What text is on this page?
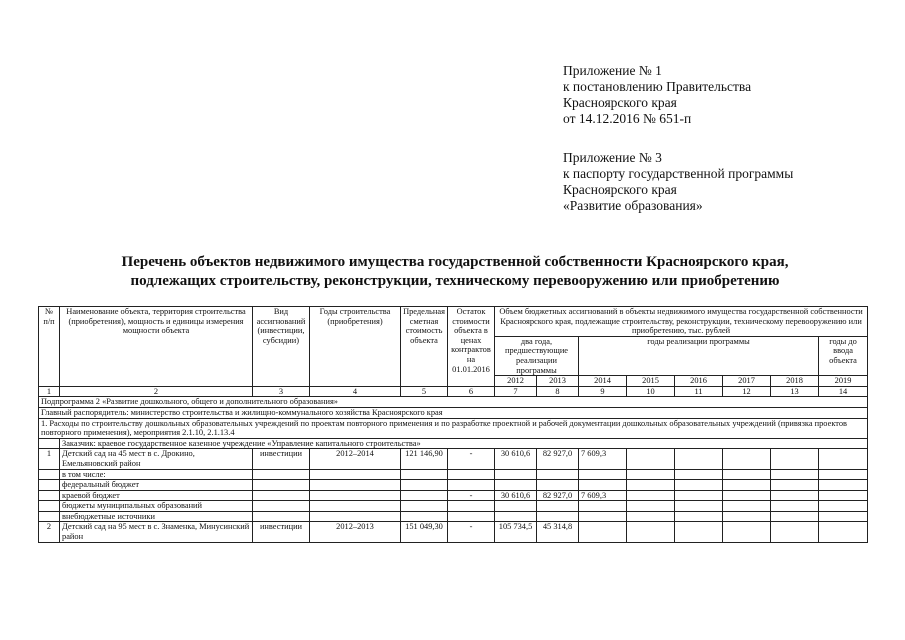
Приложение № 1
к постановлению Правительства
Красноярского края
от 14.12.2016 № 651-п
Приложение № 3
к паспорту государственной программы
Красноярского края
«Развитие образования»
Перечень объектов недвижимого имущества государственной собственности Красноярского края,
подлежащих строительству, реконструкции, техническому перевооружению или приобретению
№ п/п	Наименование объекта, территория строительства (приобретения), мощность и единицы измерения мощности объекта	Вид ассигнований (инвестиции, субсидии)	Годы строительства (приобретения)	Предельная сметная стоимость объекта	Остаток стоимости объекта в ценах контрактов на 01.01.2016	Объем бюджетных ассигнований в объекты недвижимого имущества государственной собственности Красноярского края, подлежащие строительству, реконструкции, техническому перевооружению или приобретению, тыс. рублей							
						два года, предшествующие реализации программы		годы реализации программы					годы до ввода объекта
						2012	2013	2014	2015	2016	2017	2018	2019
1	2	3	4	5	6	7	8	9	10	11	12	13	14
Подпрограмма 2 «Развитие дошкольного, общего и дополнительного образования»													
Главный распорядитель: министерство строительства и жилищно-коммунального хозяйства Красноярского края													
1. Расходы по строительству дошкольных образовательных учреждений по проектам повторного применения и по разработке проектной и рабочей документации дошкольных образовательных учреждений (привязка проектов повторного применения), мероприятия 2.1.10, 2.1.13.4													
	Заказчик: краевое государственное казенное учреждение «Управление капитального строительства»												
1	Детский сад на 45 мест в с. Дрокино, Емельяновский район	инвестиции	2012–2014	121 146,90	-	30 610,6	82 927,0	7 609,3					
	в том числе:												
	федеральный бюджет												
	краевой бюджет				-	30 610,6	82 927,0	7 609,3					
	бюджеты муниципальных образований												
	внебюджетные источники												
2	Детский сад на 95 мест в с. Знаменка, Минусинский район	инвестиции	2012–2013	151 049,30	-	105 734,5	45 314,8						
